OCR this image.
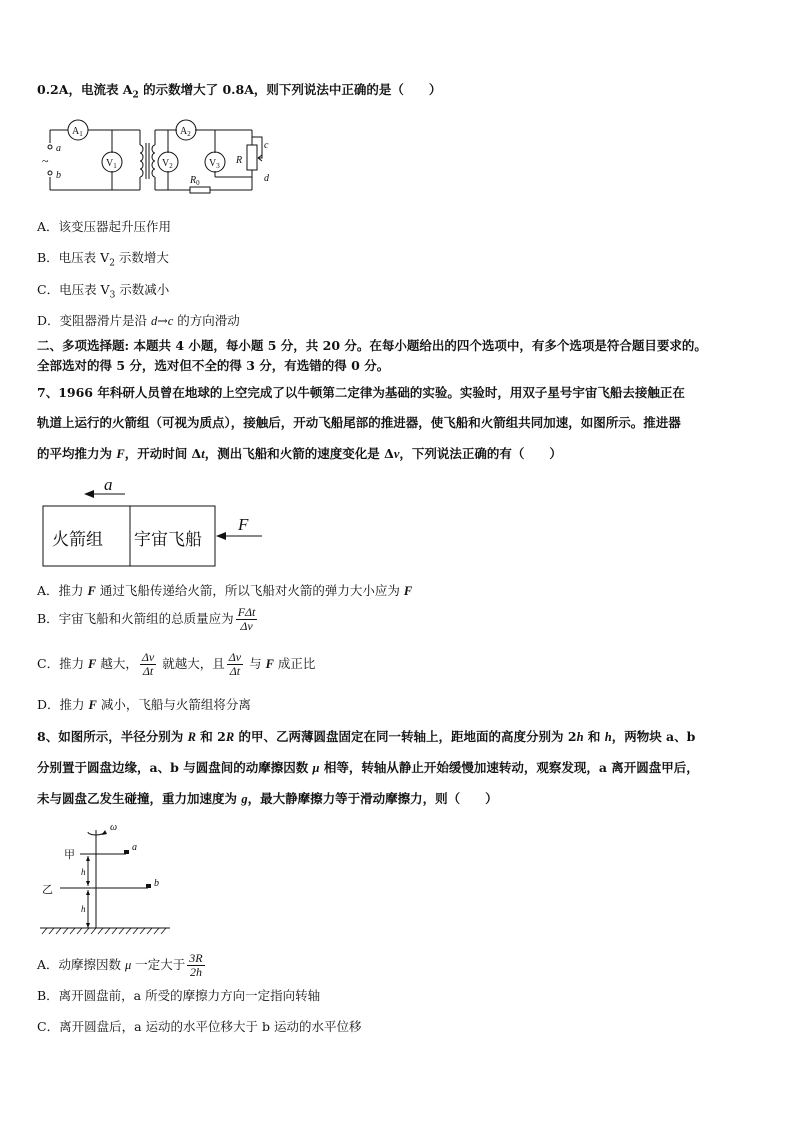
0.2A，电流表 $A_2$ 的示数增大了 0.8A，则下列说法中正确的是（　　）
$A_1$
$V_1$	$V_2$	$V_3$
$A_2$
a
b
~	R
$R_0$
c
d
A．该变压器起升压作用
B．电压表 $V_2$ 示数增大
C．电压表 $V_3$ 示数减小
D．变阻器滑片是沿 d→c 的方向滑动
二、多项选择题: 本题共 4 小题，每小题 5 分，共 20 分。在每小题给出的四个选项中，有多个选项是符合题目要求的。
全部选对的得 5 分，选对但不全的得 3 分，有选错的得 0 分。
7、1966 年科研人员曾在地球的上空完成了以牛顿第二定律为基础的实验。实验时，用双子星号宇宙飞船去接触正在
轨道上运行的火箭组（可视为质点），接触后，开动飞船尾部的推进器，使飞船和火箭组共同加速，如图所示。推进器
的平均推力为 F，开动时间 Δt，测出飞船和火箭的速度变化是 Δv，下列说法正确的有（　　）
火箭组 宇宙飞船
a
F
A．推力 F 通过飞船传递给火箭，所以飞船对火箭的弹力大小应为 F
B．宇宙飞船和火箭组的总质量应为 $\frac{\text{FΔt}}{\Delta v}$
C．推力 F 越大， $\frac{\Delta v}{\Delta t}$ 就越大，且 $\frac{\Delta v}{\Delta t}$ 与 F 成正比
D．推力 F 减小，飞船与火箭组将分离
8、如图所示，半径分别为 R 和 2R 的甲、乙两薄圆盘固定在同一转轴上，距地面的高度分别为 2h 和 h，两物块 a、b
分别置于圆盘边缘，a、b 与圆盘间的动摩擦因数 μ 相等，转轴从静止开始缓慢加速转动，观察发现，a 离开圆盘甲后，
未与圆盘乙发生碰撞，重力加速度为 g，最大静摩擦力等于滑动摩擦力，则（　　）
ω
甲
乙
h
h
a
b
A．动摩擦因数 μ 一定大于 $\frac{3R}{2h}$
B．离开圆盘前，a 所受的摩擦力方向一定指向转轴
C．离开圆盘后，a 运动的水平位移大于 b 运动的水平位移
